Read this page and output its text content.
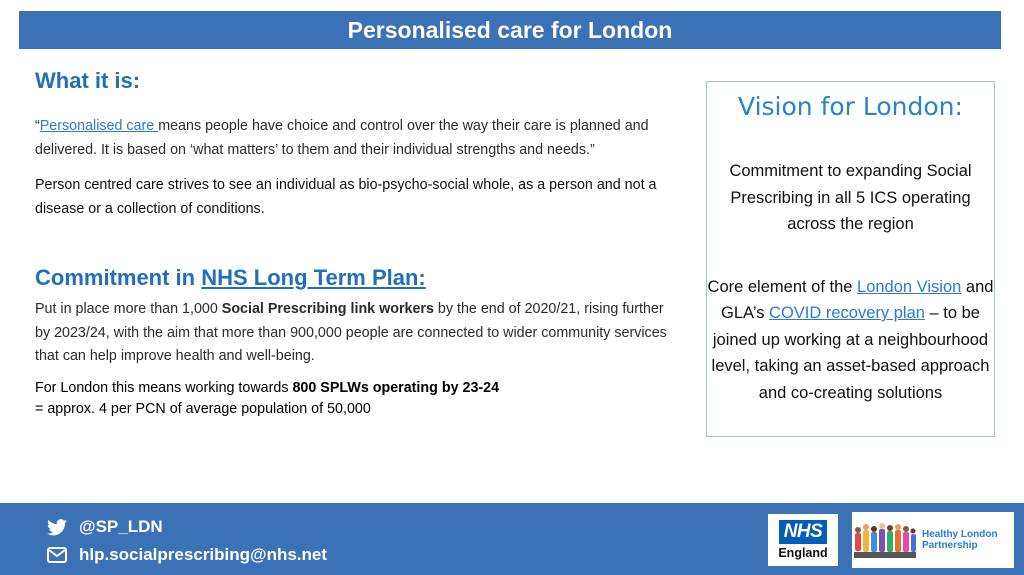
Personalised care for London
What it is:

“Personalised care means people have choice and control over the way their care is planned and delivered. It is based on ‘what matters’ to them and their individual strengths and needs.”

Person centred care strives to see an individual as bio-psycho-social whole, as a person and not a disease or a collection of conditions.

Commitment in NHS Long Term Plan:

Put in place more than 1,000 Social Prescribing link workers by the end of 2020/21, rising further by 2023/24, with the aim that more than 900,000 people are connected to wider community services that can help improve health and well-being.

For London this means working towards 800 SPLWs operating by 23-24
= approx. 4 per PCN of average population of 50,000

Vision for London:

Commitment to expanding Social Prescribing in all 5 ICS operating across the region

Core element of the London Vision and GLA’s COVID recovery plan – to be joined up working at a neighbourhood level, taking an asset-based approach and co-creating solutions

@SP_LDN
hlp.socialprescribing@nhs.net
NHS
England
Healthy London
Partnership
